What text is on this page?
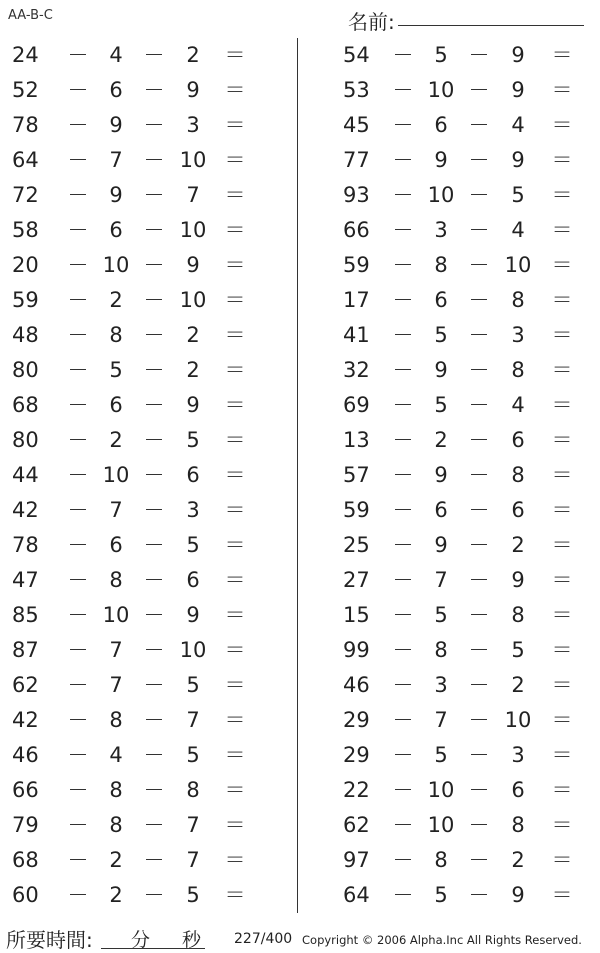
AA-B-C	名前:
24	－ 4 －	2	＝
52	－ 6 －	9	＝
78	－ 9 －	3	＝
64	－ 7 － 10 ＝
72	－ 9 －	7	＝
58	－ 6 － 10 ＝
20	－ 10 －	9	＝
59	－ 2 － 10 ＝
48	－ 8 －	2	＝
80	－ 5 －	2	＝
68	－ 6 －	9	＝
80	－ 2 －	5	＝
44	－ 10 －	6	＝
42	－ 7 －	3	＝
78	－ 6 －	5	＝
47	－ 8 －	6	＝
85	－ 10 －	9	＝
87	－ 7 － 10 ＝
62	－ 7 －	5	＝
42	－ 8 －	7	＝
46	－ 4 －	5	＝
66	－ 8 －	8	＝
79	－ 8 －	7	＝
68	－ 2 －	7	＝
60	－ 2 －	5	＝
54	－ 5 －	9	＝
53	－ 10 －	9	＝
45	－ 6 －	4	＝
77	－ 9 －	9	＝
93	－ 10 －	5	＝
66	－ 3 －	4	＝
59	－ 8 － 10 ＝
17	－ 6 －	8	＝
41	－ 5 －	3	＝
32	－ 9 －	8	＝
69	－ 5 －	4	＝
13	－ 2 －	6	＝
57	－ 9 －	8	＝
59	－ 6 －	6	＝
25	－ 9 －	2	＝
27	－ 7 －	9	＝
15	－ 5 －	8	＝
99	－ 8 －	5	＝
46	－ 3 －	2	＝
29	－ 7 － 10 ＝
29	－ 5 －	3	＝
22	－ 10 －	6	＝
62	－ 10 －	8	＝
97	－ 8 －	2	＝
64	－ 5 －	9	＝
所要時間: 分 秒 227/400 Copyright © 2006 Alpha.Inc All Rights Reserved.
